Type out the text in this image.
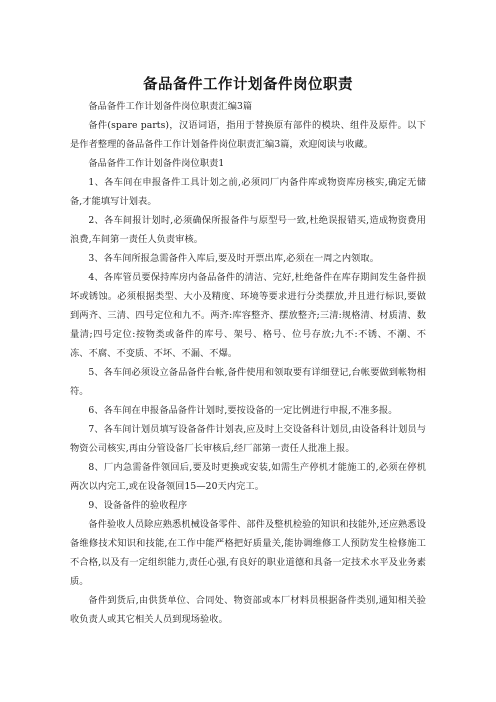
备品备件工作计划备件岗位职责

备品备件工作计划备件岗位职责汇编3篇

备件(spare parts)，汉语词语，指用于替换原有部件的模块、组件及原件。以下是作者整理的备品备件工作计划备件岗位职责汇编3篇，欢迎阅读与收藏。

备品备件工作计划备件岗位职责1

1、各车间在申报备件工具计划之前,必须同厂内备件库或物资库房核实,确定无储备,才能填写计划表。

2、各车间报计划时,必须确保所报备件与原型号一致,杜绝误报错买,造成物资费用浪费,车间第一责任人负责审核。

3、各车间所报急需备件入库后,要及时开票出库,必须在一周之内领取。

4、各库管员要保持库房内备品备件的清洁、完好,杜绝备件在库存期间发生备件损坏或锈蚀。必须根据类型、大小及精度、环境等要求进行分类摆放,并且进行标识,要做到两齐、三清、四号定位和九不。两齐:库容整齐、摆放整齐;三清:规格清、材质清、数量清;四号定位:按物类或备件的库号、架号、格号、位号存放;九不:不锈、不潮、不冻、不腐、不变质、不坏、不漏、不爆。

5、各车间必须设立备品备件台帐,备件使用和领取要有详细登记,台帐要做到帐物相符。

6、各车间在申报备品备件计划时,要按设备的一定比例进行申报,不准多报。

7、各车间计划员填写设备备件计划表,应及时上交设备科计划员,由设备科计划员与物资公司核实,再由分管设备厂长审核后,经厂部第一责任人批准上报。

8、厂内急需备件领回后,要及时更换或安装,如需生产停机才能施工的,必须在停机两次以内完工,或在设备领回15—20天内完工。

9、设备备件的验收程序

备件验收人员除应熟悉机械设备零件、部件及整机检验的知识和技能外,还应熟悉设备维修技术知识和技能,在工作中能严格把好质量关,能协调维修工人预防发生检修施工不合格,以及有一定组织能力,责任心强,有良好的职业道德和具备一定技术水平及业务素质。

备件到货后,由供货单位、合同处、物资部或本厂材料员根据备件类别,通知相关验收负责人或其它相关人员到现场验收。
